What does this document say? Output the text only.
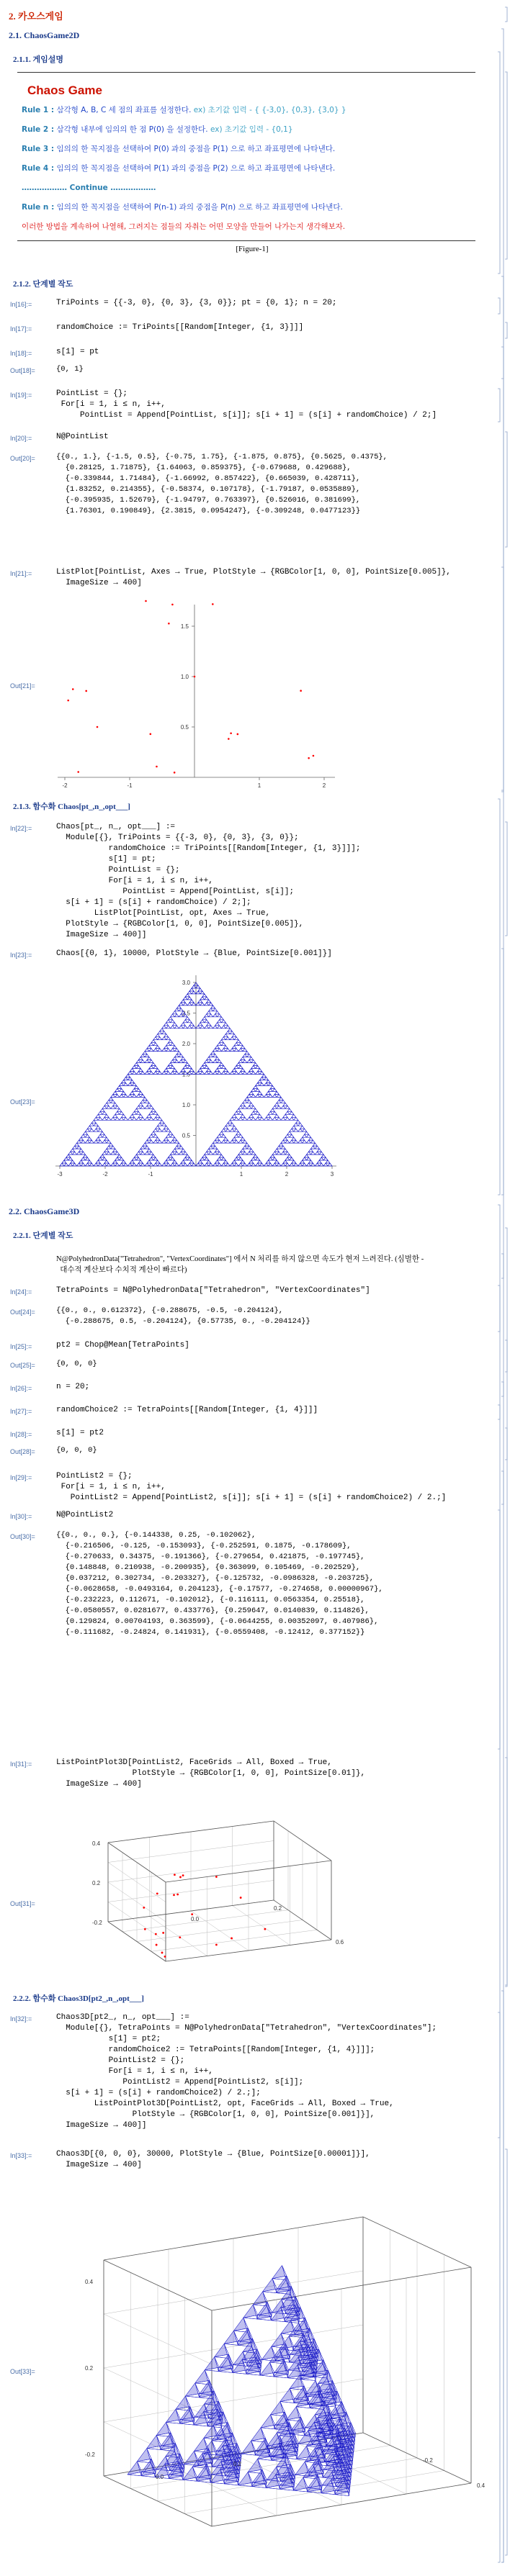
2. 카오스게임
2.1. ChaosGame2D
2.1.1. 게임설명
Chaos Game
Rule 1 : 삼각형 A, B, C 세 점의 좌표를 설정한다. ex) 초기값 입력 - { {-3,0}, {0,3}, {3,0} }
Rule 2 : 삼각형 내부에 임의의 한 점 P(0) 을 설정한다. ex) 초기값 입력 - {0,1}
Rule 3 : 임의의 한 꼭지점을 선택하여 P(0) 과의 중점을 P(1) 으로 하고 좌표평면에 나타낸다.
Rule 4 : 임의의 한 꼭지점을 선택하여 P(1) 과의 중점을 P(2) 으로 하고 좌표평면에 나타낸다.
……………… Continue ………………
Rule n : 임의의 한 꼭지점을 선택하여 P(n-1) 과의 중점을 P(n) 으로 하고 좌표평면에 나타낸다.
이러한 방법을 계속하여 나열해, 그려지는 점들의 자취는 어떤 모양을 만들어 나가는지 생각해보자.
[Figure-1]
2.1.2. 단계별 작도
In[16]:=	TriPoints = {{-3, 0}, {0, 3}, {3, 0}}; pt = {0, 1}; n = 20;
In[17]:=	randomChoice := TriPoints[[Random[Integer, {1, 3}]]]
In[18]:=	s[1] = pt
Out[18]=	{0, 1}
In[19]:=	PointList = {};
For[i = 1, i ≤ n, i++,
PointList = Append[PointList, s[i]]; s[i + 1] = (s[i] + randomChoice) / 2;]
In[20]:=	N@PointList
Out[20]=	{{0., 1.}, {-1.5, 0.5}, {-0.75, 1.75}, {-1.875, 0.875}, {0.5625, 0.4375},
{0.28125, 1.71875}, {1.64063, 0.859375}, {-0.679688, 0.429688},
{-0.339844, 1.71484}, {-1.66992, 0.857422}, {0.665039, 0.428711},
{1.83252, 0.214355}, {-0.58374, 0.107178}, {-1.79187, 0.0535889},
{-0.395935, 1.52679}, {-1.94797, 0.763397}, {0.526016, 0.381699},
{1.76301, 0.190849}, {2.3815, 0.0954247}, {-0.309248, 0.0477123}}
In[21]:=	ListPlot[PointList, Axes → True, PlotStyle → {RGBColor[1, 0, 0], PointSize[0.005]},
ImageSize → 400]
Out[21]=
-2	-1	1	2
0.5
1.0
1.5
2.1.3. 함수화 Chaos[pt_,n_,opt___]
In[22]:=	Chaos[pt_, n_, opt___] :=
Module[{}, TriPoints = {{-3, 0}, {0, 3}, {3, 0}};
randomChoice := TriPoints[[Random[Integer, {1, 3}]]];
s[1] = pt;
PointList = {};
For[i = 1, i ≤ n, i++,
PointList = Append[PointList, s[i]];
s[i + 1] = (s[i] + randomChoice) / 2;];
ListPlot[PointList, opt, Axes → True,
PlotStyle → {RGBColor[1, 0, 0], PointSize[0.005]},
ImageSize → 400]]
In[23]:=	Chaos[{0, 1}, 10000, PlotStyle → {Blue, PointSize[0.001]}]
Out[23]=
-3	-2	-1	1	2	3
0.5
1.0
1.5
2.0
2.5
3.0
2.2. ChaosGame3D
2.2.1. 단계별 작도
N@PolyhedronData["Tetrahedron", "VertexCoordinates"] 에서 N 처리를 하지 않으면 속도가 현저 느려진다. (심벌한 -
대수적 계산보다 수치적 계산이 빠르다)
In[24]:=	TetraPoints = N@PolyhedronData["Tetrahedron", "VertexCoordinates"]
Out[24]=	{{0., 0., 0.612372}, {-0.288675, -0.5, -0.204124},
{-0.288675, 0.5, -0.204124}, {0.57735, 0., -0.204124}}
In[25]:=	pt2 = Chop@Mean[TetraPoints]
Out[25]=	{0, 0, 0}
In[26]:=	n = 20;
In[27]:=	randomChoice2 := TetraPoints[[Random[Integer, {1, 4}]]]
In[28]:=	s[1] = pt2
Out[28]=	{0, 0, 0}
In[29]:=	PointList2 = {};
For[i = 1, i ≤ n, i++,
PointList2 = Append[PointList2, s[i]]; s[i + 1] = (s[i] + randomChoice2) / 2.;]
In[30]:=	N@PointList2
Out[30]=	{{0., 0., 0.}, {-0.144338, 0.25, -0.102062},
{-0.216506, -0.125, -0.153093}, {-0.252591, 0.1875, -0.178609},
{-0.270633, 0.34375, -0.191366}, {-0.279654, 0.421875, -0.197745},
{0.148848, 0.210938, -0.200935}, {0.363099, 0.105469, -0.202529},
{0.037212, 0.302734, -0.203327}, {-0.125732, -0.0986328, -0.203725},
{-0.0628658, -0.0493164, 0.204123}, {-0.17577, -0.274658, 0.00000967},
{-0.232223, 0.112671, -0.102012}, {-0.116111, 0.0563354, 0.25518},
{-0.0580557, 0.0281677, 0.433776}, {0.259647, 0.0140839, 0.114826},
{0.129824, 0.00704193, 0.363599}, {-0.0644255, 0.00352097, 0.407986},
{-0.111682, -0.24824, 0.141931}, {-0.0559408, -0.12412, 0.377152}}
In[31]:=	ListPointPlot3D[PointList2, FaceGrids → All, Boxed → True,
PlotStyle → {RGBColor[1, 0, 0], PointSize[0.01]},
ImageSize → 400]
Out[31]=
0.4
0.2
-0.2
0.0
0.2
0.6
2.2.2. 함수화 Chaos3D[pt2_,n_,opt___]
In[32]:=	Chaos3D[pt2_, n_, opt___] :=
Module[{}, TetraPoints = N@PolyhedronData["Tetrahedron", "VertexCoordinates"];
s[1] = pt2;
randomChoice2 := TetraPoints[[Random[Integer, {1, 4}]]];
PointList2 = {};
For[i = 1, i ≤ n, i++,
PointList2 = Append[PointList2, s[i]];
s[i + 1] = (s[i] + randomChoice2) / 2.;];
ListPointPlot3D[PointList2, opt, FaceGrids → All, Boxed → True,
PlotStyle → {RGBColor[1, 0, 0], PointSize[0.001]}],
ImageSize → 400]]
In[33]:=	Chaos3D[{0, 0, 0}, 30000, PlotStyle → {Blue, PointSize[0.00001]}],
ImageSize → 400]
Out[33]=
0.4
0.2
-0.2
0.2
0.0
-0.2
0.4
